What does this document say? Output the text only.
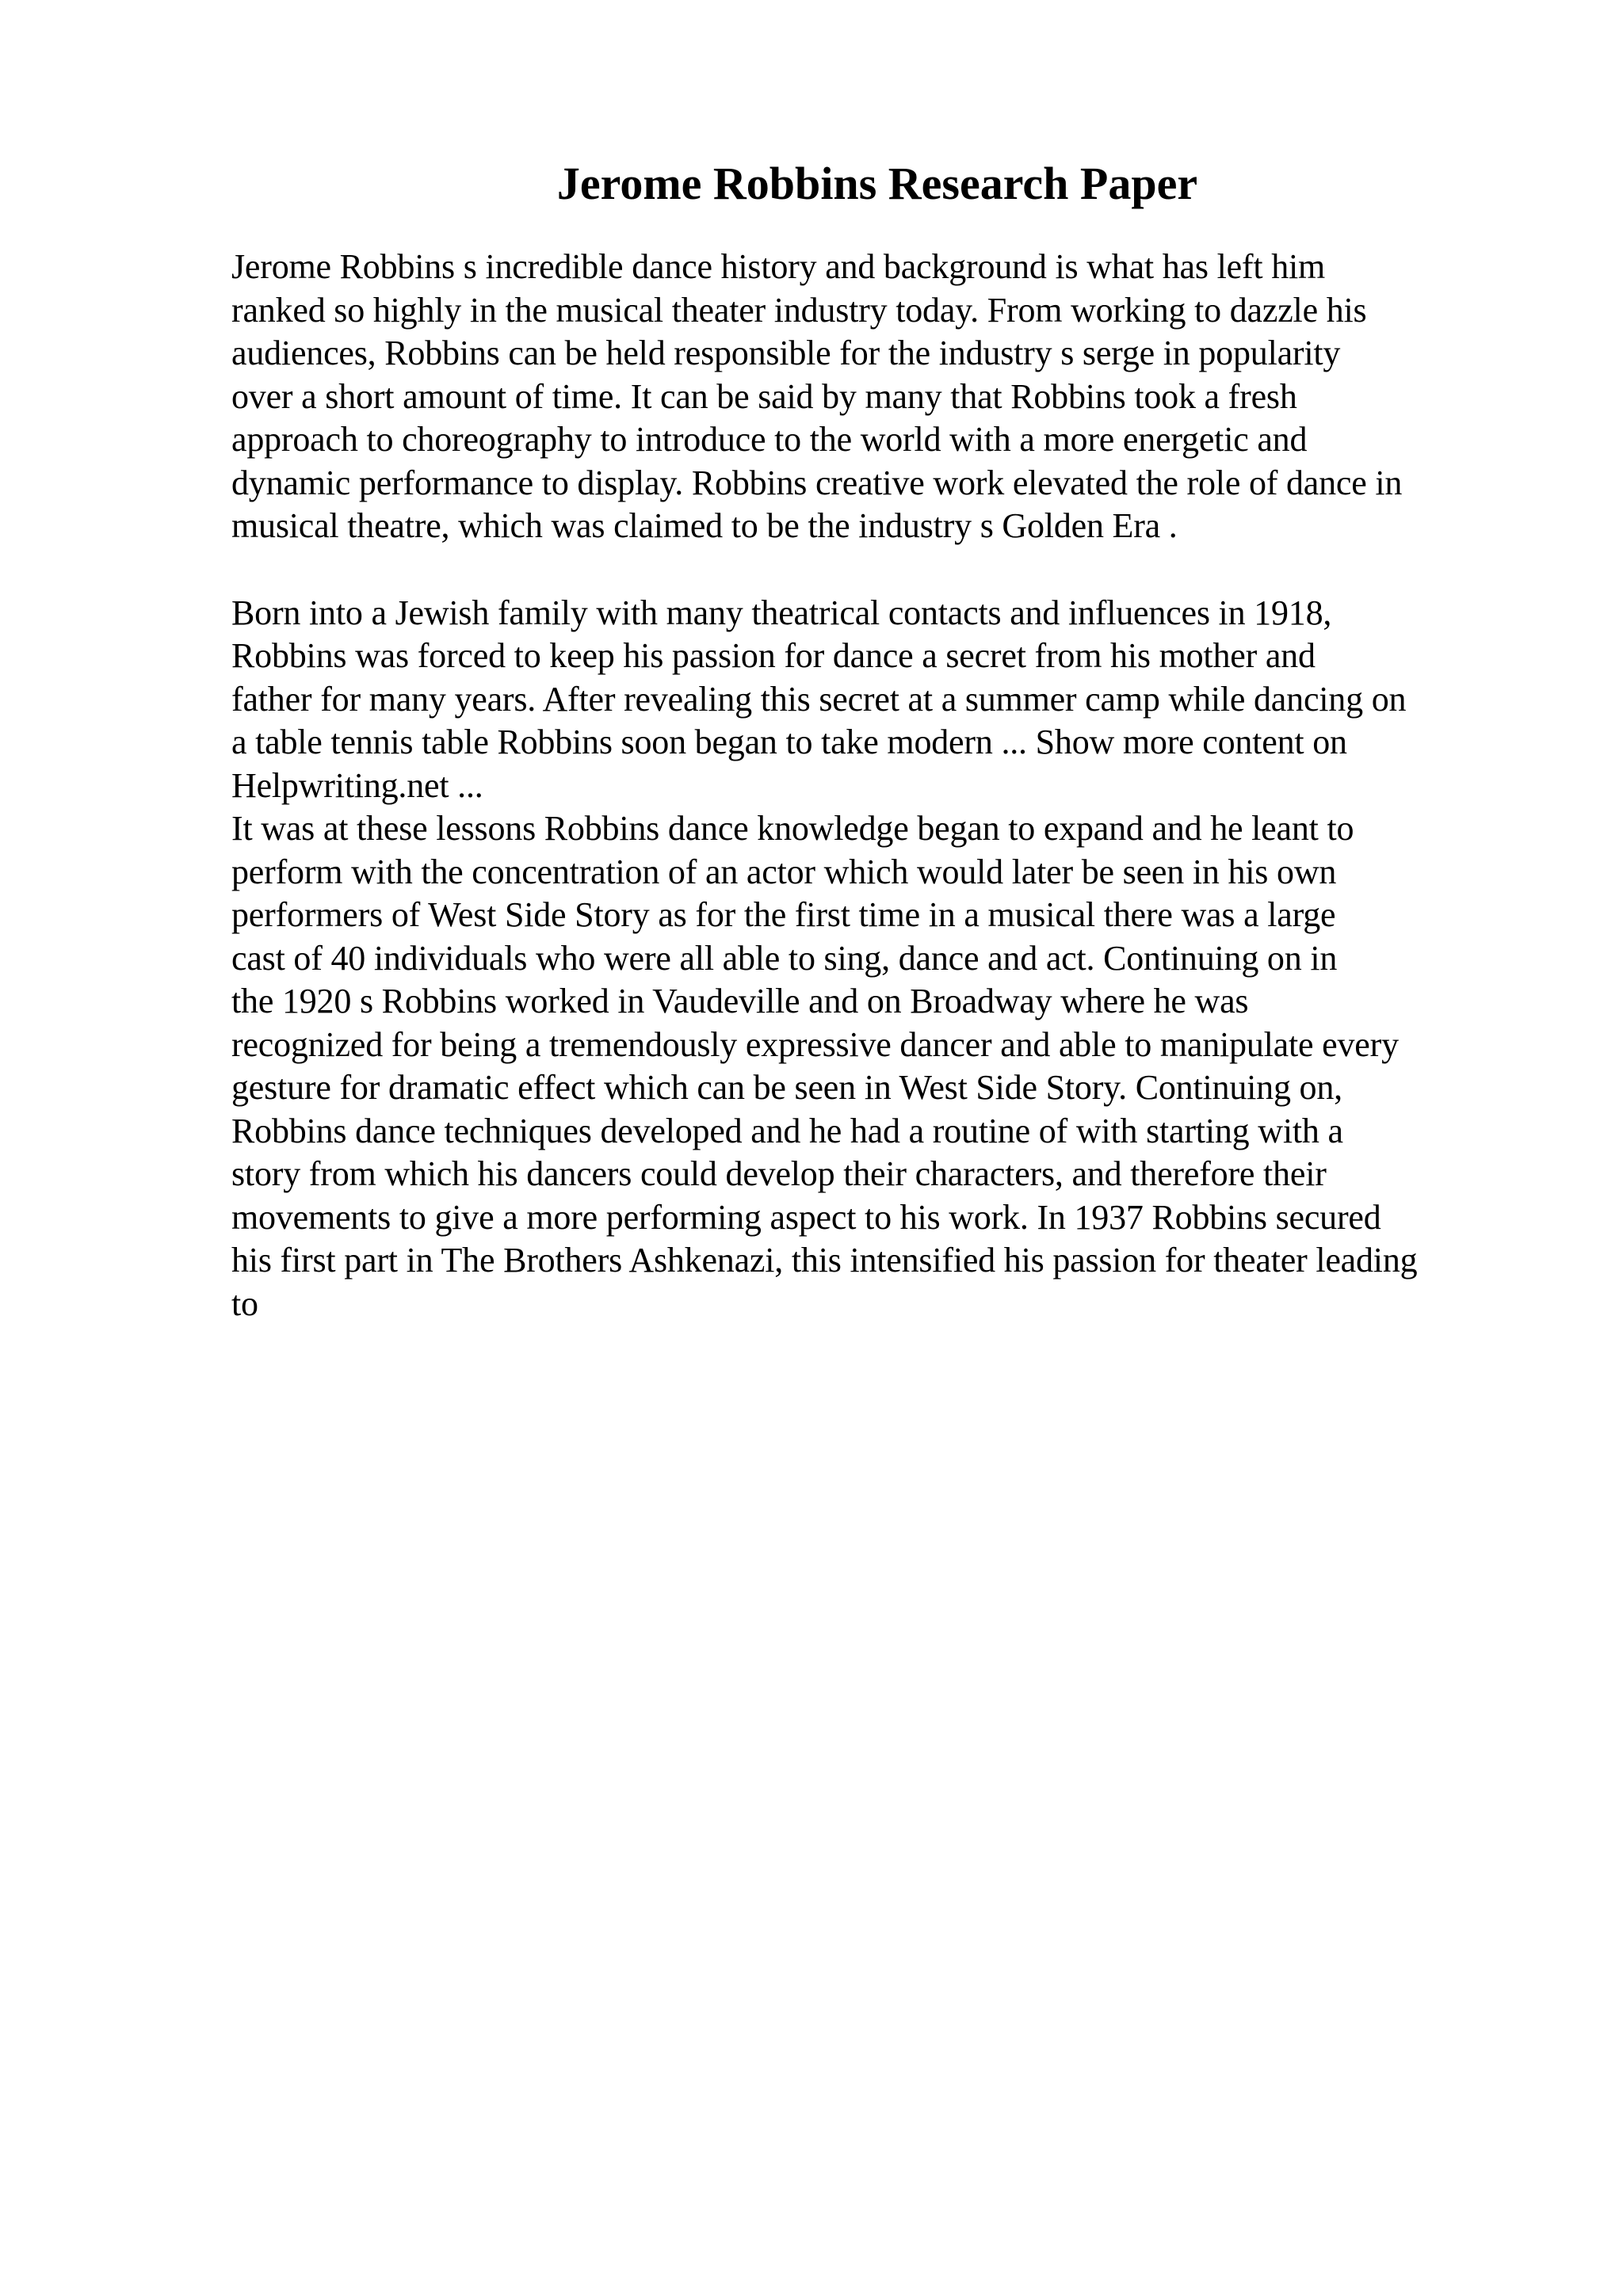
Jerome Robbins Research Paper

Jerome Robbins s incredible dance history and background is what has left him
ranked so highly in the musical theater industry today. From working to dazzle his
audiences, Robbins can be held responsible for the industry s serge in popularity
over a short amount of time. It can be said by many that Robbins took a fresh
approach to choreography to introduce to the world with a more energetic and
dynamic performance to display. Robbins creative work elevated the role of dance in
musical theatre, which was claimed to be the industry s Golden Era .

Born into a Jewish family with many theatrical contacts and influences in 1918,
Robbins was forced to keep his passion for dance a secret from his mother and
father for many years. After revealing this secret at a summer camp while dancing on
a table tennis table Robbins soon began to take modern ... Show more content on
Helpwriting.net ...

It was at these lessons Robbins dance knowledge began to expand and he leant to
perform with the concentration of an actor which would later be seen in his own
performers of West Side Story as for the first time in a musical there was a large
cast of 40 individuals who were all able to sing, dance and act. Continuing on in
the 1920 s Robbins worked in Vaudeville and on Broadway where he was
recognized for being a tremendously expressive dancer and able to manipulate every
gesture for dramatic effect which can be seen in West Side Story. Continuing on,
Robbins dance techniques developed and he had a routine of with starting with a
story from which his dancers could develop their characters, and therefore their
movements to give a more performing aspect to his work. In 1937 Robbins secured
his first part in The Brothers Ashkenazi, this intensified his passion for theater leading
to
